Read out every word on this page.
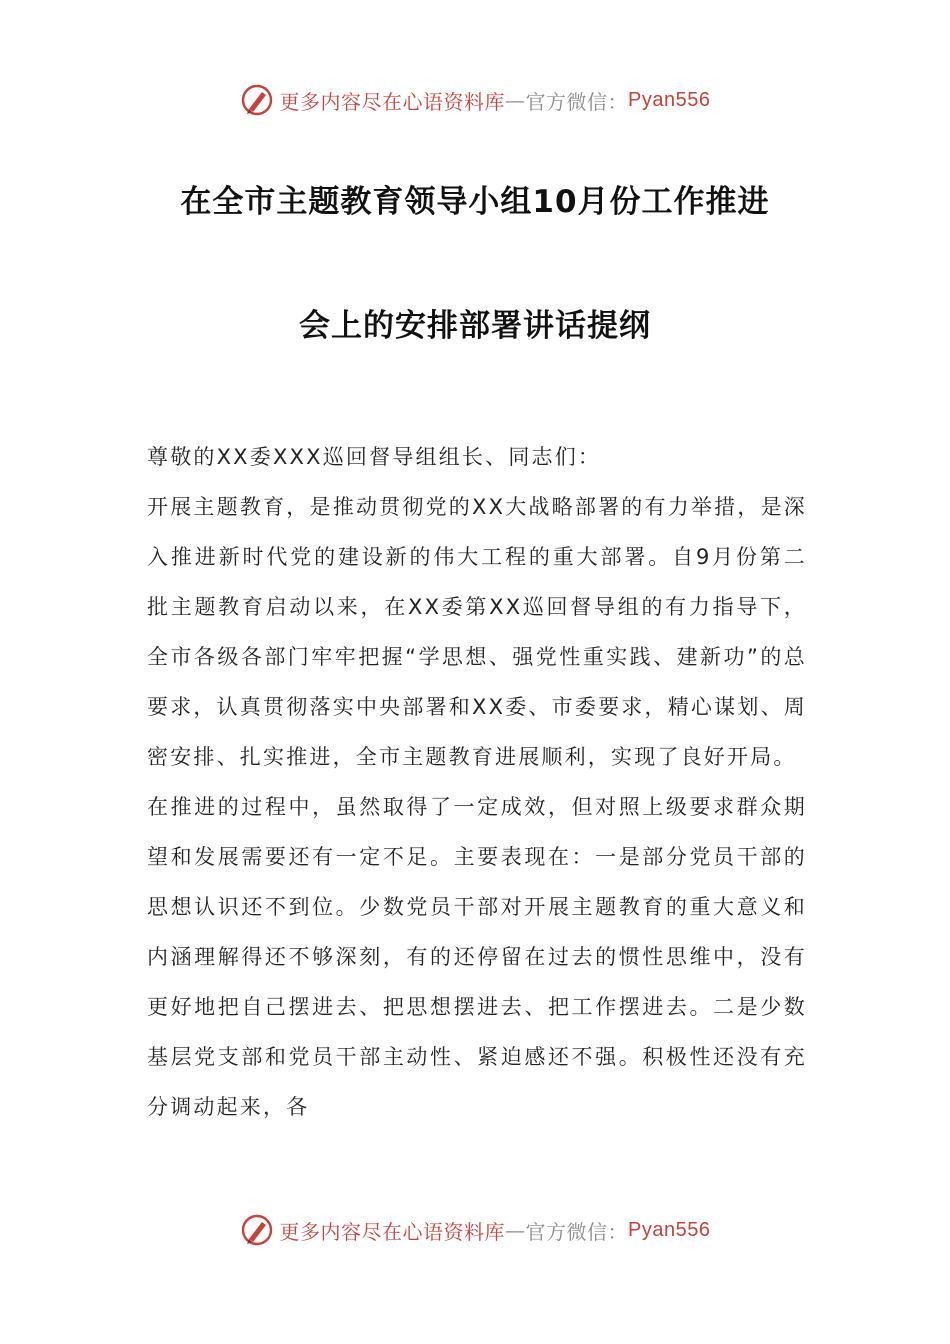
更多内容尽在心语资料库 — 官方微信： Pyan556
在全市主题教育领导小组10月份工作推进
会上的安排部署讲话提纲

尊敬的XX委XXX巡回督导组组长、同志们：

开展主题教育，是推动贯彻党的XX大战略部署的有力举措，是深入推进新时代党的建设新的伟大工程的重大部署。自9月份第二批主题教育启动以来，在XX委第XX巡回督导组的有力指导下，全市各级各部门牢牢把握“学思想、强党性重实践、建新功”的总要求，认真贯彻落实中央部署和XX委、市委要求，精心谋划、周密安排、扎实推进，全市主题教育进展顺利，实现了良好开局。

在推进的过程中，虽然取得了一定成效，但对照上级要求群众期望和发展需要还有一定不足。主要表现在：一是部分党员干部的思想认识还不到位。少数党员干部对开展主题教育的重大意义和内涵理解得还不够深刻，有的还停留在过去的惯性思维中，没有更好地把自己摆进去、把思想摆进去、把工作摆进去。二是少数基层党支部和党员干部主动性、紧迫感还不强。积极性还没有充分调动起来，各

更多内容尽在心语资料库 — 官方微信： Pyan556
